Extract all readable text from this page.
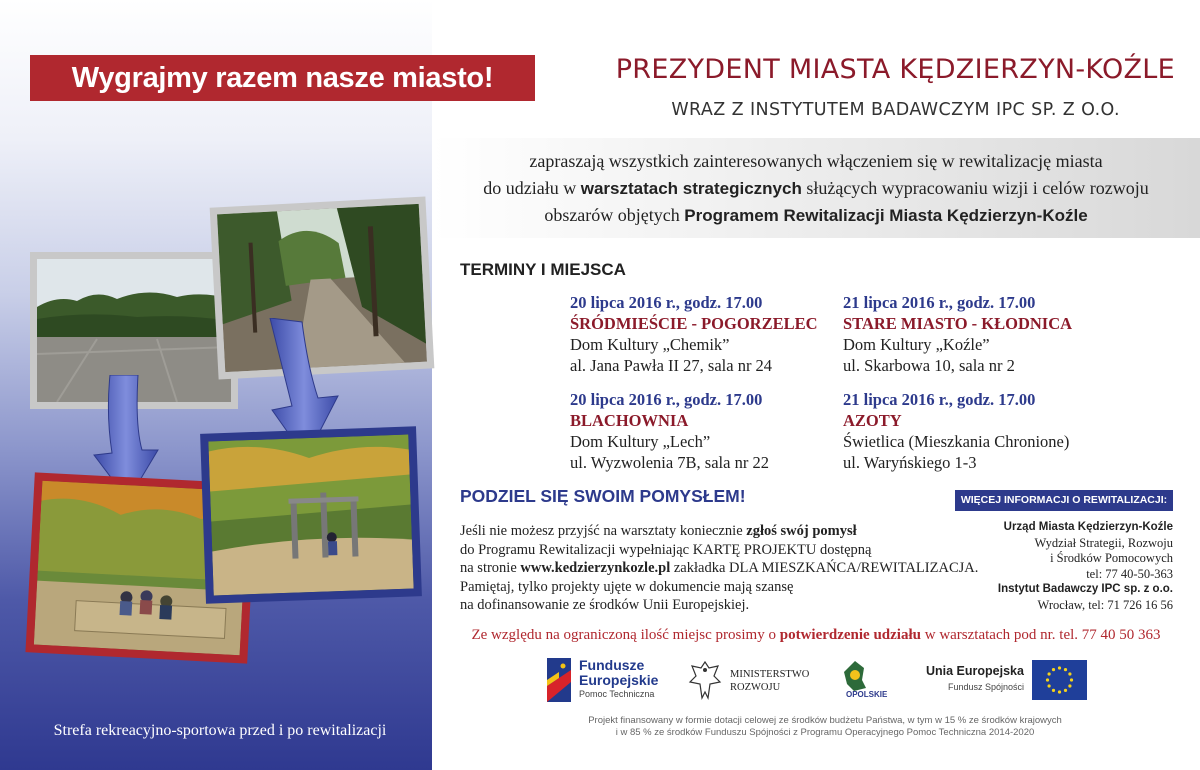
Strefa rekreacyjno-sportowa przed i po rewitalizacji
Wygrajmy razem nasze miasto!	PREZYDENT MIASTA KĘDZIERZYN-KOŹLE
WRAZ Z INSTYTUTEM BADAWCZYM IPC SP. Z O.O.
zapraszają wszystkich zainteresowanych włączeniem się w rewitalizację miasta
do udziału w warsztatach strategicznych służących wypracowaniu wizji i celów rozwoju
obszarów objętych Programem Rewitalizacji Miasta Kędzierzyn-Koźle
TERMINY I MIEJSCA
20 lipca 2016 r., godz. 17.00
ŚRÓDMIEŚCIE - POGORZELEC
Dom Kultury „Chemik”
al. Jana Pawła II 27, sala nr 24
21 lipca 2016 r., godz. 17.00
STARE MIASTO - KŁODNICA
Dom Kultury „Koźle”
ul. Skarbowa 10, sala nr 2
20 lipca 2016 r., godz. 17.00
BLACHOWNIA
Dom Kultury „Lech”
ul. Wyzwolenia 7B, sala nr 22
21 lipca 2016 r., godz. 17.00
AZOTY
Świetlica (Mieszkania Chronione)
ul. Waryńskiego 1-3
PODZIEL SIĘ SWOIM POMYSŁEM!
Jeśli nie możesz przyjść na warsztaty koniecznie zgłoś swój pomysł
do Programu Rewitalizacji wypełniając KARTĘ PROJEKTU dostępną
na stronie www.kedzierzynkozle.pl zakładka DLA MIESZKAŃCA/REWITALIZACJA.
Pamiętaj, tylko projekty ujęte w dokumencie mają szansę
na dofinansowanie ze środków Unii Europejskiej.
WIĘCEJ INFORMACJI O REWITALIZACJI:
Urząd Miasta Kędzierzyn-Koźle
Wydział Strategii, Rozwoju
i Środków Pomocowych
tel: 77 40-50-363
Instytut Badawczy IPC sp. z o.o.
Wrocław, tel: 71 726 16 56
Ze względu na ograniczoną ilość miejsc prosimy o potwierdzenie udziału w warsztatach pod nr. tel. 77 40 50 363
Fundusze
Europejskie
Pomoc Techniczna
MINISTERSTWO
ROZWOJU
OPOLSKIE
Unia Europejska
Fundusz Spójności
Projekt finansowany w formie dotacji celowej ze środków budżetu Państwa, w tym w 15 % ze środków krajowych
i w 85 % ze środków Funduszu Spójności z Programu Operacyjnego Pomoc Techniczna 2014-2020
